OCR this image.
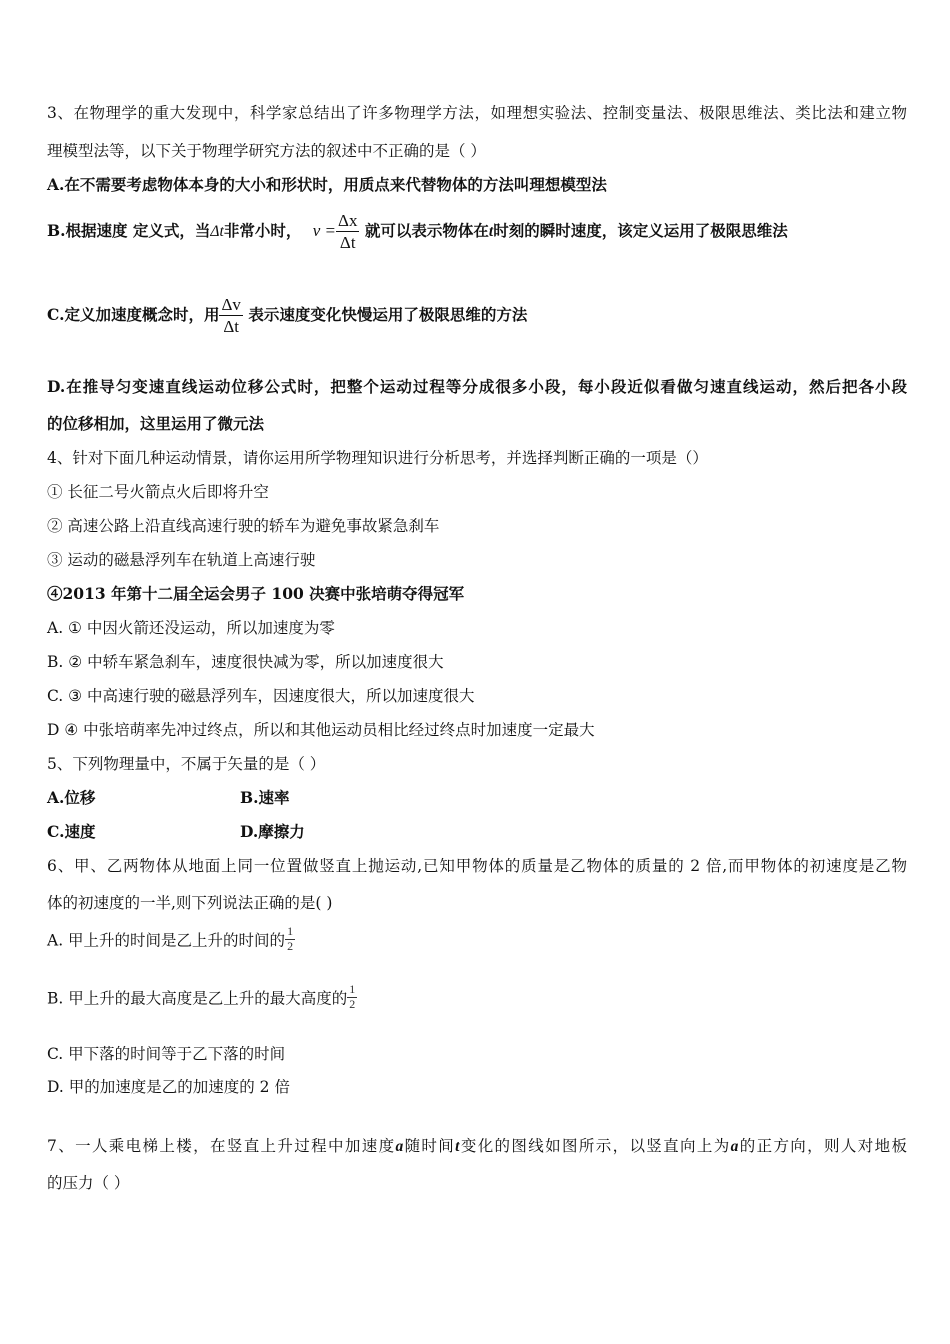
3、在物理学的重大发现中，科学家总结出了许多物理学方法，如理想实验法、控制变量法、极限思维法、类比法和建立物
理模型法等，以下关于物理学研究方法的叙述中不正确的是（ ）
A.在不需要考虑物体本身的大小和形状时，用质点来代替物体的方法叫理想模型法
B.根据速度 定义式，当Δt非常小时， $v = \frac{\Delta x}{\Delta t}$ 就可以表示物体在t时刻的瞬时速度，该定义运用了极限思维法
C.定义加速度概念时，用 $\frac{\Delta v}{\Delta t}$ 表示速度变化快慢运用了极限思维的方法
D.在推导匀变速直线运动位移公式时，把整个运动过程等分成很多小段，每小段近似看做匀速直线运动，然后把各小段
的位移相加，这里运用了微元法
4、针对下面几种运动情景，请你运用所学物理知识进行分析思考，并选择判断正确的一项是（）
① 长征二号火箭点火后即将升空
② 高速公路上沿直线高速行驶的轿车为避免事故紧急刹车
③ 运动的磁悬浮列车在轨道上高速行驶
④2013 年第十二届全运会男子 100 决赛中张培萌夺得冠军
A. ① 中因火箭还没运动，所以加速度为零
B. ② 中轿车紧急刹车，速度很快减为零，所以加速度很大
C. ③ 中高速行驶的磁悬浮列车，因速度很大，所以加速度很大
D ④ 中张培萌率先冲过终点，所以和其他运动员相比经过终点时加速度一定最大
5、下列物理量中，不属于矢量的是（ ）
A.位移	B.速率
C.速度	D.摩擦力
6、甲、乙两物体从地面上同一位置做竖直上抛运动,已知甲物体的质量是乙物体的质量的 2 倍,而甲物体的初速度是乙物
体的初速度的一半,则下列说法正确的是( )
A. 甲上升的时间是乙上升的时间的 $\frac{1}{2}$
B. 甲上升的最大高度是乙上升的最大高度的 $\frac{1}{2}$
C. 甲下落的时间等于乙下落的时间
D. 甲的加速度是乙的加速度的 2 倍
7、一人乘电梯上楼，在竖直上升过程中加速度a随时间t变化的图线如图所示，以竖直向上为a的正方向，则人对地板
的压力（ ）
